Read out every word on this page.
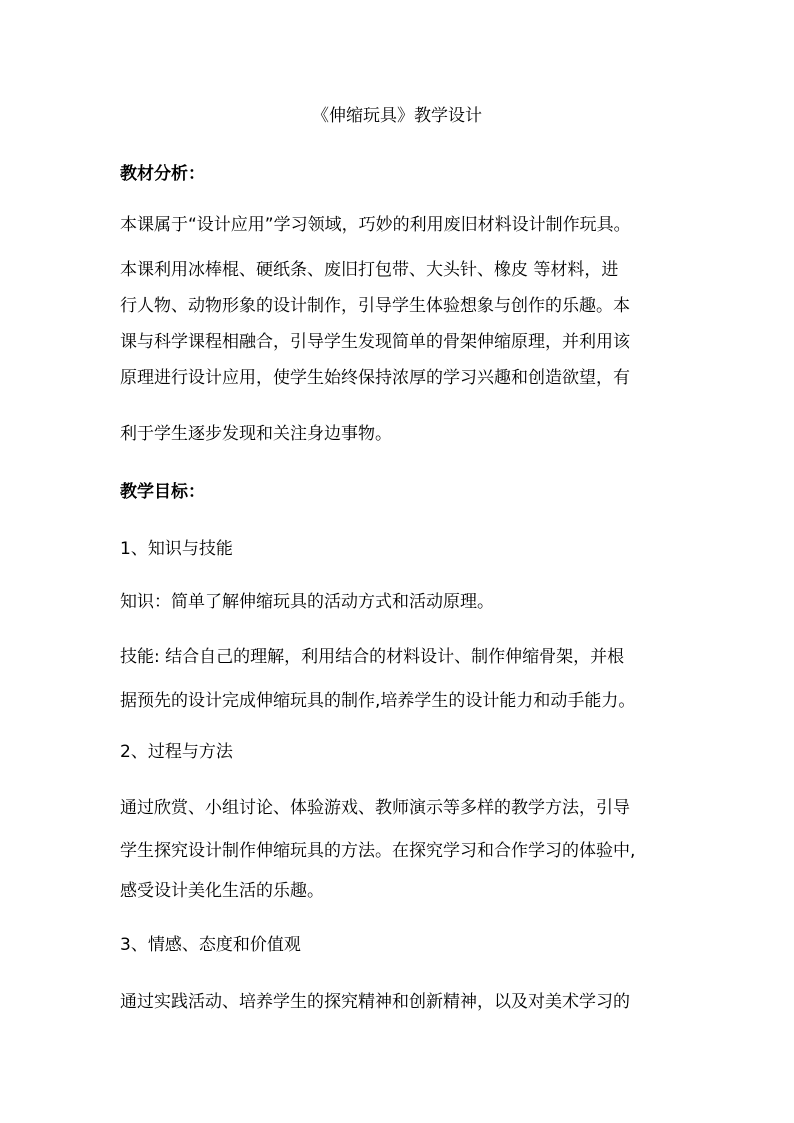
《伸缩玩具》教学设计

教材分析：

本课属于“设计应用”学习领域，巧妙的利用废旧材料设计制作玩具。

本课利用冰棒棍、硬纸条、废旧打包带、大头针、橡皮 等材料，进

行人物、动物形象的设计制作，引导学生体验想象与创作的乐趣。本

课与科学课程相融合，引导学生发现简单的骨架伸缩原理，并利用该

原理进行设计应用，使学生始终保持浓厚的学习兴趣和创造欲望，有

利于学生逐步发现和关注身边事物。

教学目标：

1、知识与技能

知识：简单了解伸缩玩具的活动方式和活动原理。

技能: 结合自己的理解，利用结合的材料设计、制作伸缩骨架，并根

据预先的设计完成伸缩玩具的制作,培养学生的设计能力和动手能力。

2、过程与方法

通过欣赏、小组讨论、体验游戏、教师演示等多样的教学方法，引导

学生探究设计制作伸缩玩具的方法。在探究学习和合作学习的体验中,

感受设计美化生活的乐趣。

3、情感、态度和价值观

通过实践活动、培养学生的探究精神和创新精神，以及对美术学习的
